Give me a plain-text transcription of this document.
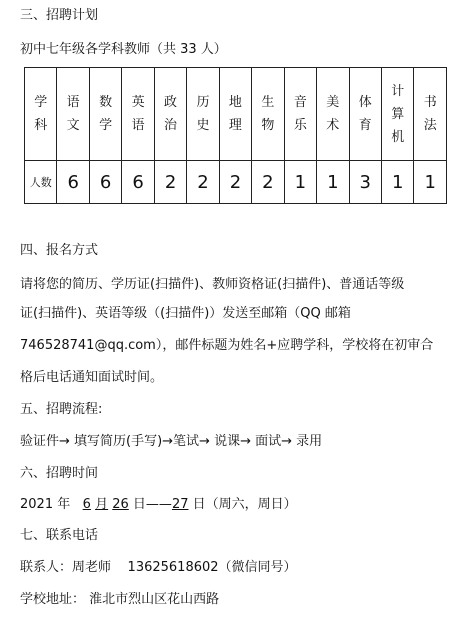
三、招聘计划
初中七年级各学科教师（共 33 人）
学科	语文	数学	英语	政治	历史	地理	生物	音乐	美术	体育	计算机	书法
人数	6	6	6	2	2	2	2	1	1	3	1	1
四、报名方式
请将您的简历、学历证(扫描件)、教师资格证(扫描件)、普通话等级
证(扫描件)、英语等级（(扫描件)）发送至邮箱（QQ 邮箱
746528741@qq.com），邮件标题为姓名+应聘学科，学校将在初审合
格后电话通知面试时间。
五、招聘流程:
验证件→ 填写简历(手写)→笔试→ 说课→ 面试→ 录用
六、招聘时间
2021 年 6 月 26 日——27 日（周六，周日）
七、联系电话
联系人：周老师 13625618602（微信同号）
学校地址： 淮北市烈山区花山西路
